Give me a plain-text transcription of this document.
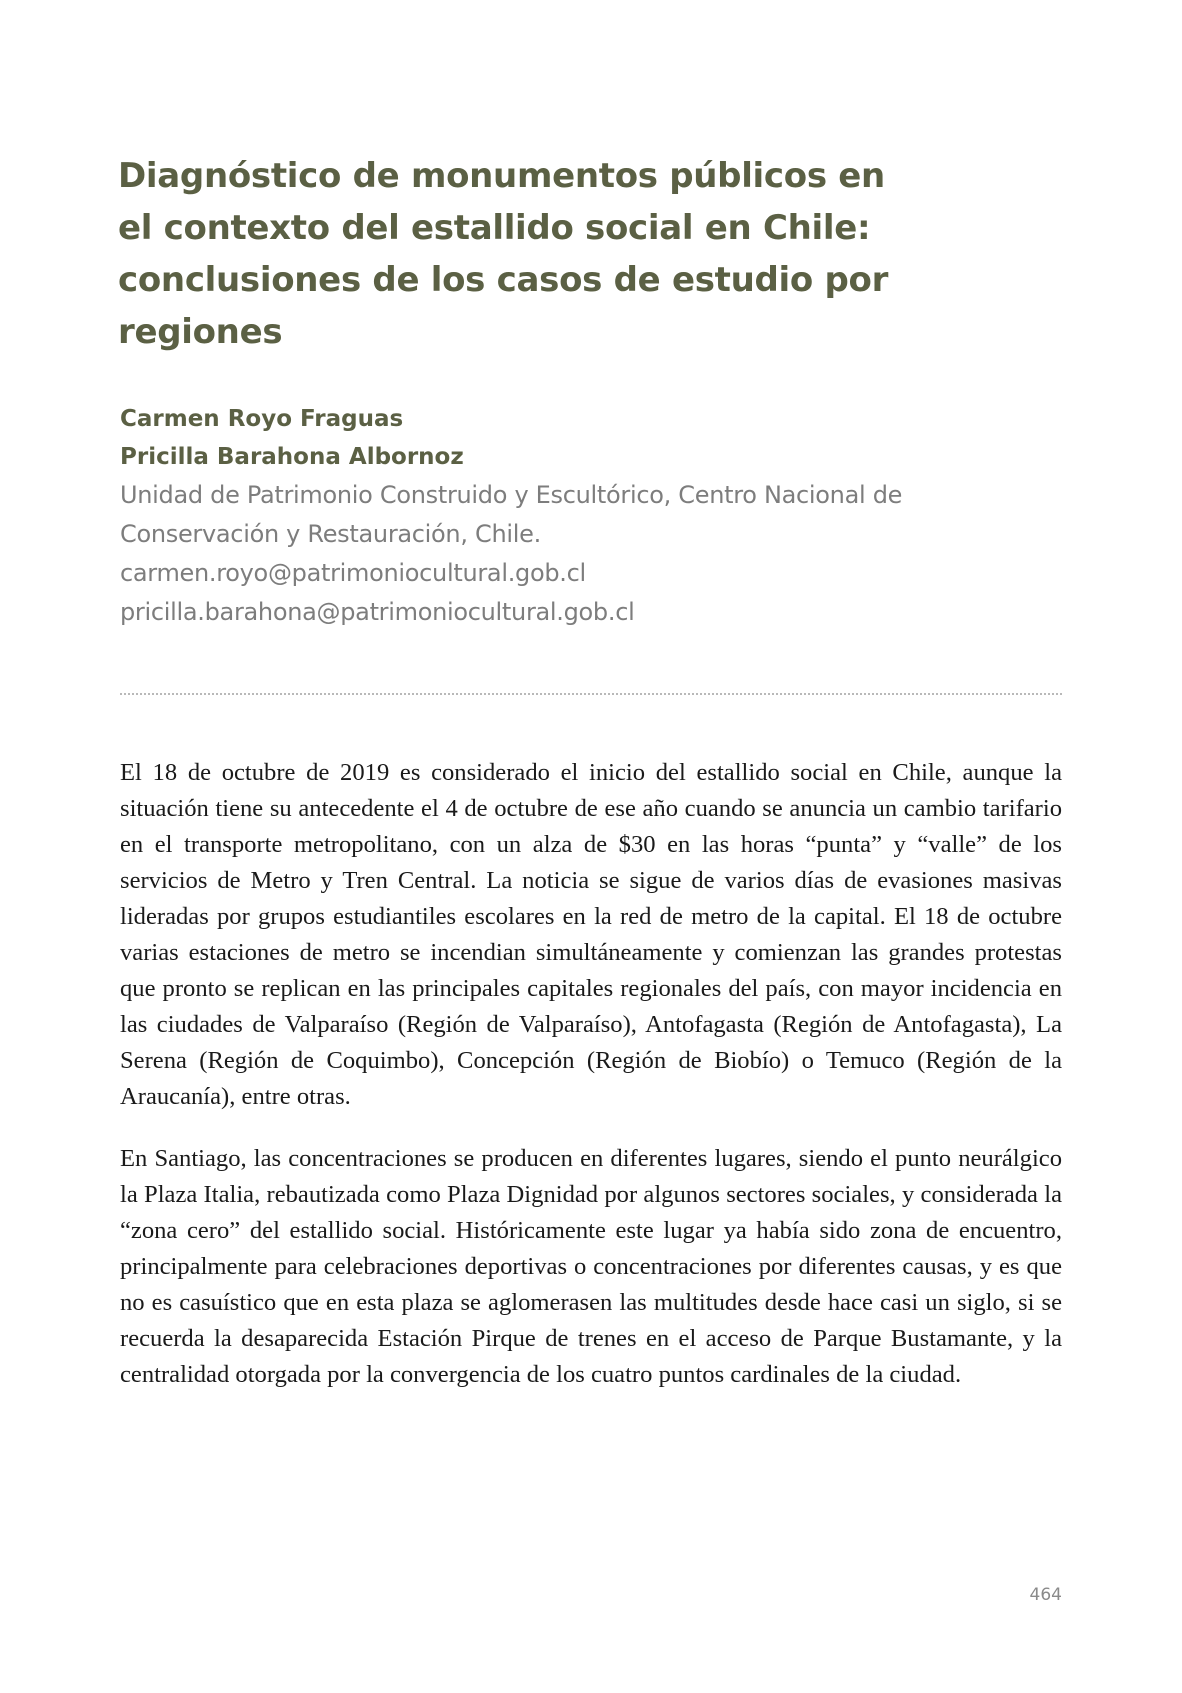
Diagnóstico de monumentos públicos en
el contexto del estallido social en Chile:
conclusiones de los casos de estudio por
regiones
Carmen Royo Fraguas
Pricilla Barahona Albornoz
Unidad de Patrimonio Construido y Escultórico, Centro Nacional de
Conservación y Restauración, Chile.
carmen.royo@patrimoniocultural.gob.cl
pricilla.barahona@patrimoniocultural.gob.cl

El 18 de octubre de 2019 es considerado el inicio del estallido social en Chile, aunque la situación tiene su antecedente el 4 de octubre de ese año cuando se anuncia un cambio tarifario en el transporte metropolitano, con un alza de $30 en las horas “punta” y “valle” de los servicios de Metro y Tren Central. La noticia se sigue de varios días de evasiones masivas lideradas por grupos estudiantiles escolares en la red de metro de la capital. El 18 de octubre varias estaciones de metro se incendian simultáneamente y comienzan las grandes protestas que pronto se replican en las principales capitales regionales del país, con mayor incidencia en las ciudades de Valparaíso (Región de Valparaíso), Antofagasta (Región de Antofagasta), La Serena (Región de Coquimbo), Concepción (Región de Biobío) o Temuco (Región de la Araucanía), entre otras.

En Santiago, las concentraciones se producen en diferentes lugares, siendo el punto neurálgico la Plaza Italia, rebautizada como Plaza Dignidad por algunos sectores sociales, y considerada la “zona cero” del estallido social. Históricamente este lugar ya había sido zona de encuentro, principalmente para celebraciones deportivas o concentraciones por diferentes causas, y es que no es casuístico que en esta plaza se aglomerasen las multitudes desde hace casi un siglo, si se recuerda la desaparecida Estación Pirque de trenes en el acceso de Parque Bustamante, y la centralidad otorgada por la convergencia de los cuatro puntos cardinales de la ciudad.

464
